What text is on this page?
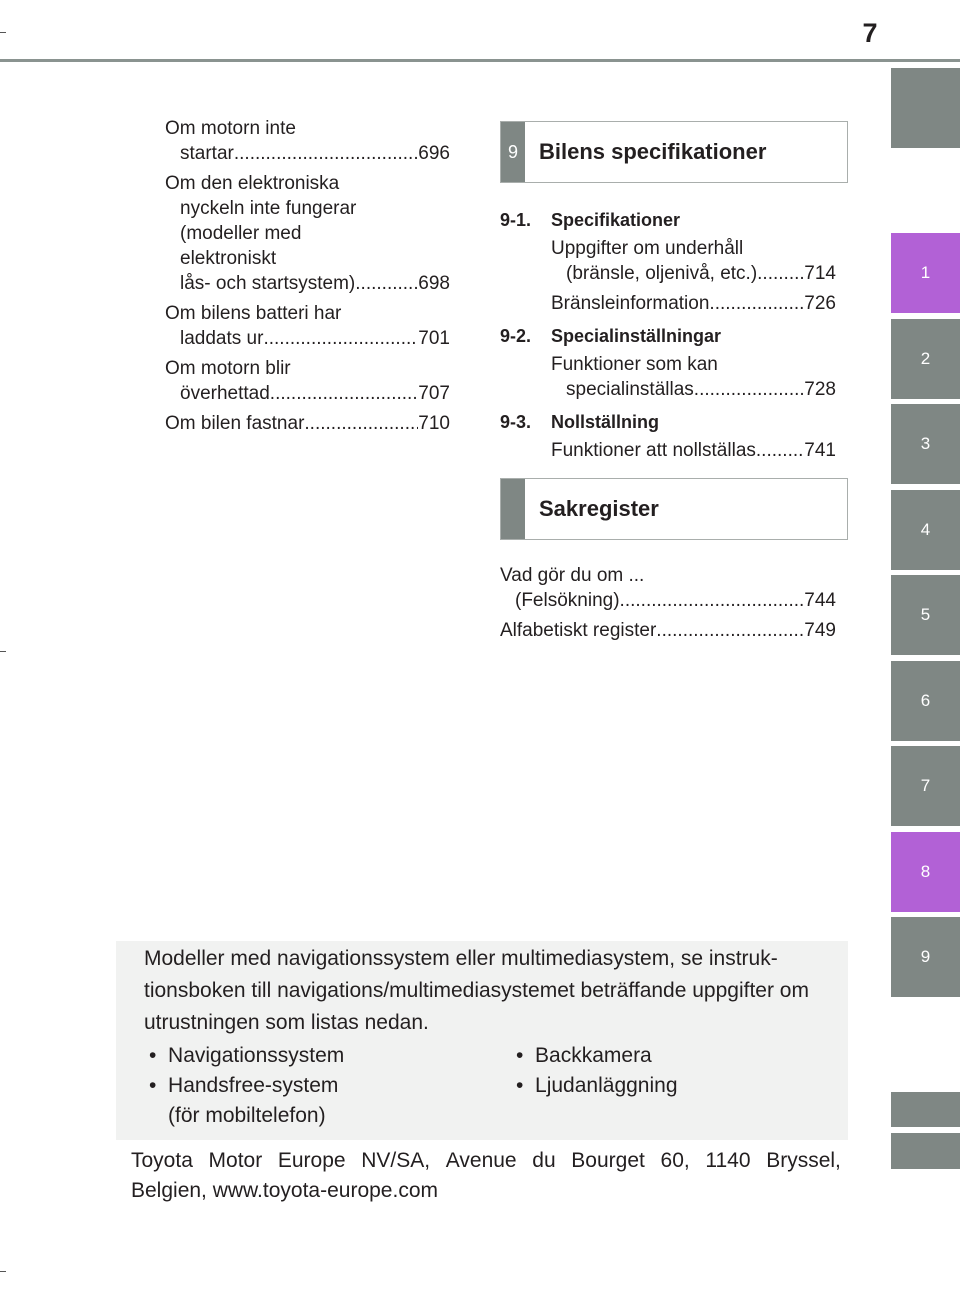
7
1
2
3
4
5
6
7
8
9
Om motorn inte
startar .....	696
Om den elektroniska
nyckeln inte fungerar
(modeller med
elektroniskt
lås- och startsystem) .....	698
Om bilens batteri har
laddats ur .....	701
Om motorn blir
överhettad .....	707
Om bilen fastnar .....	710
9 Bilens specifikationer
9-1. Specifikationer
Uppgifter om underhåll
(bränsle, oljenivå, etc.) ..... 714
Bränsleinformation .....	726
9-2. Specialinställningar
Funktioner som kan
specialinställas .....	728
9-3. Nollställning
Funktioner att nollställas .....	741
Sakregister
Vad gör du om ...
(Felsökning) .....	744
Alfabetiskt register .....	749
Modeller med navigationssystem eller multimediasystem, se instruk-tionsboken till navigations/multimediasystemet beträffande uppgifter om utrustningen som listas nedan.
•  Navigationssystem
•  Handsfree-system
(för mobiltelefon)
•  Backkamera
•  Ljudanläggning
Toyota Motor Europe NV/SA, Avenue du Bourget 60, 1140 Bryssel,
Belgien, www.toyota-europe.com
